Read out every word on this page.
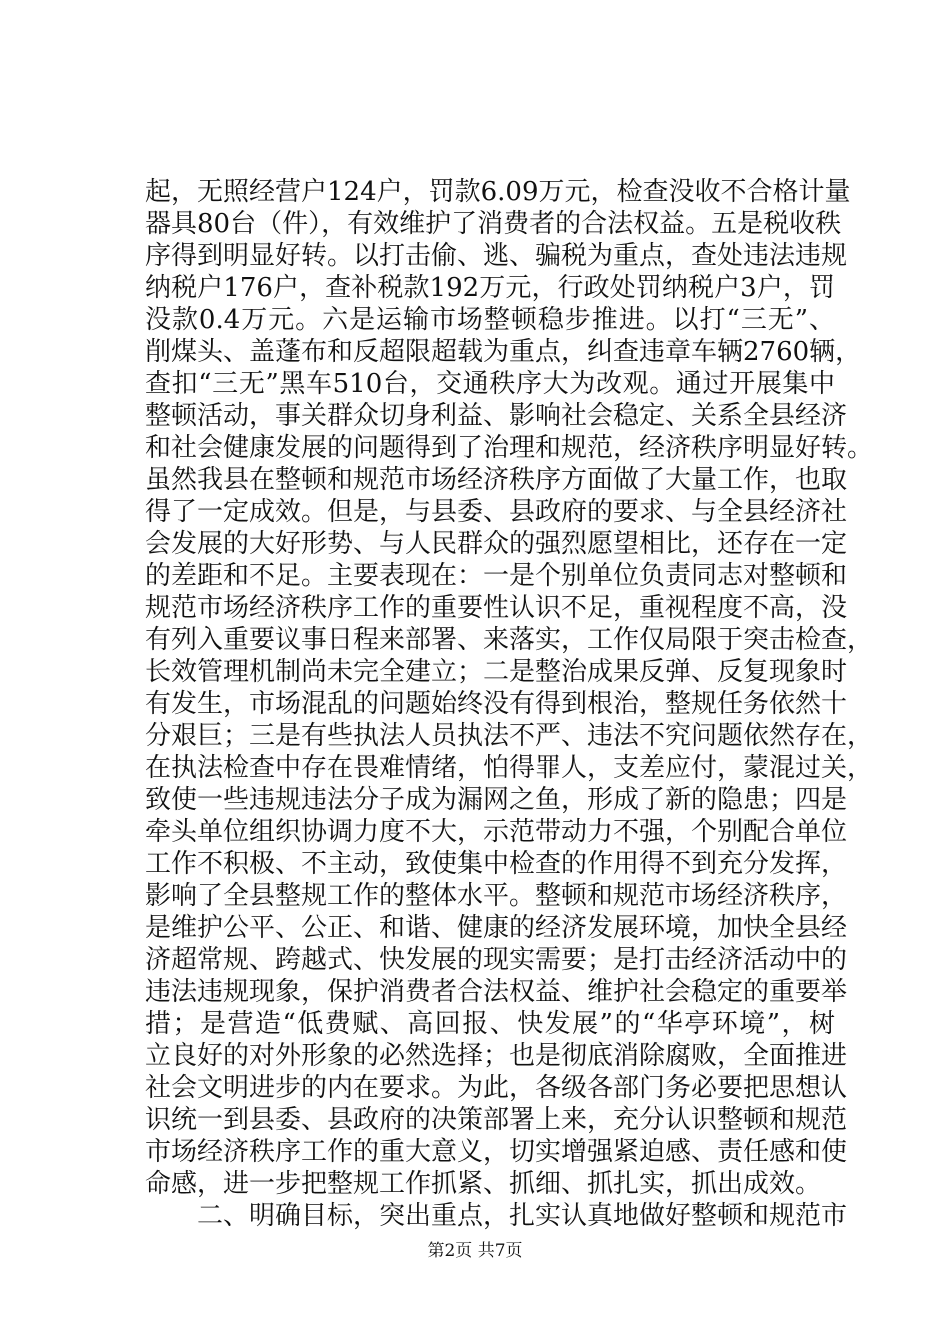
起，无照经营户124户，罚款6.09万元，检查没收不合格计量
器具80台（件），有效维护了消费者的合法权益。五是税收秩
序得到明显好转。以打击偷、逃、骗税为重点，查处违法违规
纳税户176户，查补税款192万元，行政处罚纳税户3户，罚
没款0.4万元。六是运输市场整顿稳步推进。以打“三无”、
削煤头、盖蓬布和反超限超载为重点，纠查违章车辆2760辆，
查扣“三无”黑车510台，交通秩序大为改观。通过开展集中
整顿活动，事关群众切身利益、影响社会稳定、关系全县经济
和社会健康发展的问题得到了治理和规范，经济秩序明显好转。
虽然我县在整顿和规范市场经济秩序方面做了大量工作，也取
得了一定成效。但是，与县委、县政府的要求、与全县经济社
会发展的大好形势、与人民群众的强烈愿望相比，还存在一定
的差距和不足。主要表现在：一是个别单位负责同志对整顿和
规范市场经济秩序工作的重要性认识不足，重视程度不高，没
有列入重要议事日程来部署、来落实，工作仅局限于突击检查，
长效管理机制尚未完全建立；二是整治成果反弹、反复现象时
有发生，市场混乱的问题始终没有得到根治，整规任务依然十
分艰巨；三是有些执法人员执法不严、违法不究问题依然存在，
在执法检查中存在畏难情绪，怕得罪人，支差应付，蒙混过关，
致使一些违规违法分子成为漏网之鱼，形成了新的隐患；四是
牵头单位组织协调力度不大，示范带动力不强，个别配合单位
工作不积极、不主动，致使集中检查的作用得不到充分发挥，
影响了全县整规工作的整体水平。整顿和规范市场经济秩序，
是维护公平、公正、和谐、健康的经济发展环境，加快全县经
济超常规、跨越式、快发展的现实需要；是打击经济活动中的
违法违规现象，保护消费者合法权益、维护社会稳定的重要举
措；是营造“低费赋、高回报、快发展”的“华亭环境”，树
立良好的对外形象的必然选择；也是彻底消除腐败，全面推进
社会文明进步的内在要求。为此，各级各部门务必要把思想认
识统一到县委、县政府的决策部署上来，充分认识整顿和规范
市场经济秩序工作的重大意义，切实增强紧迫感、责任感和使
命感，进一步把整规工作抓紧、抓细、抓扎实，抓出成效。
二、明确目标，突出重点，扎实认真地做好整顿和规范市
第2页 共7页
